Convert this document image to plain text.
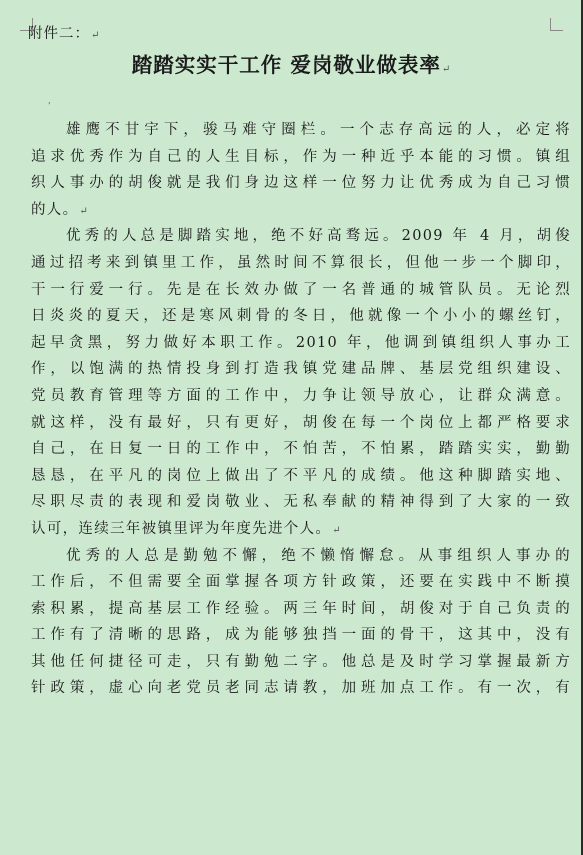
附件二：↵
踏踏实实干工作 爱岗敬业做表率↵
‚
雄鹰不甘宇下，骏马难守圈栏。一个志存高远的人，必定将
追求优秀作为自己的人生目标，作为一种近乎本能的习惯。镇组
织人事办的胡俊就是我们身边这样一位努力让优秀成为自己习惯
的人。↵
优秀的人总是脚踏实地，绝不好高骛远。2009 年 4 月，胡俊
通过招考来到镇里工作，虽然时间不算很长，但他一步一个脚印，
干一行爱一行。先是在长效办做了一名普通的城管队员。无论烈
日炎炎的夏天，还是寒风刺骨的冬日，他就像一个小小的螺丝钉，
起早贪黑，努力做好本职工作。2010 年，他调到镇组织人事办工
作，以饱满的热情投身到打造我镇党建品牌、基层党组织建设、
党员教育管理等方面的工作中，力争让领导放心，让群众满意。
就这样，没有最好，只有更好，胡俊在每一个岗位上都严格要求
自己，在日复一日的工作中，不怕苦，不怕累，踏踏实实，勤勤
恳恳，在平凡的岗位上做出了不平凡的成绩。他这种脚踏实地、
尽职尽责的表现和爱岗敬业、无私奉献的精神得到了大家的一致
认可，连续三年被镇里评为年度先进个人。↵
优秀的人总是勤勉不懈，绝不懒惰懈怠。从事组织人事办的
工作后，不但需要全面掌握各项方针政策，还要在实践中不断摸
索积累，提高基层工作经验。两三年时间，胡俊对于自己负责的
工作有了清晰的思路，成为能够独挡一面的骨干，这其中，没有
其他任何捷径可走，只有勤勉二字。他总是及时学习掌握最新方
针政策，虚心向老党员老同志请教，加班加点工作。有一次，有
